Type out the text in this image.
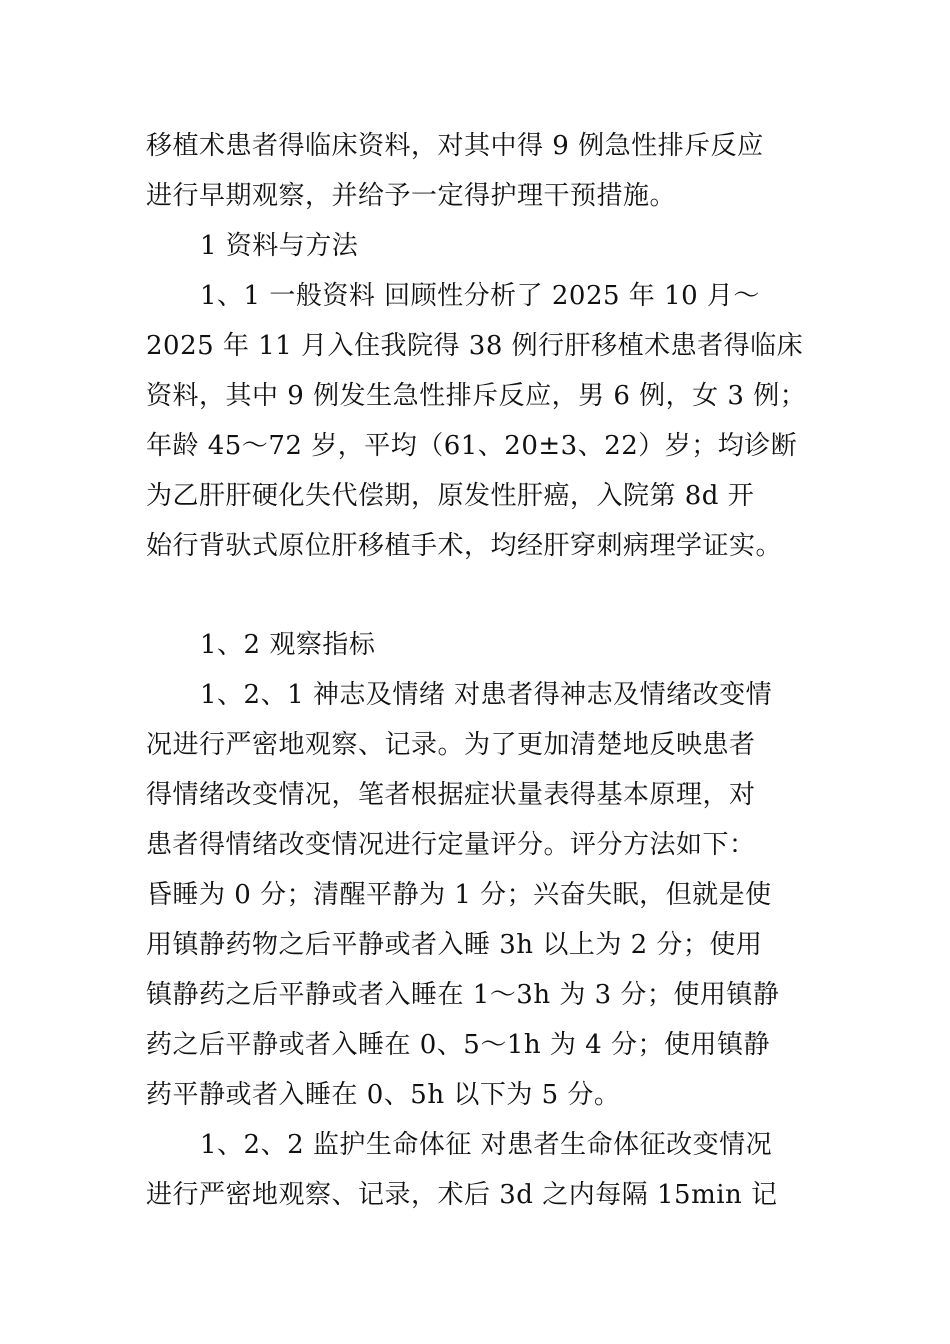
移植术患者得临床资料，对其中得 9 例急性排斥反应
进行早期观察，并给予一定得护理干预措施。
1 资料与方法
1、1 一般资料 回顾性分析了 2025 年 10 月～
2025 年 11 月入住我院得 38 例行肝移植术患者得临床
资料，其中 9 例发生急性排斥反应，男 6 例，女 3 例；
年龄 45～72 岁，平均（61、20±3、22）岁；均诊断
为乙肝肝硬化失代偿期，原发性肝癌，入院第 8d 开
始行背驮式原位肝移植手术，均经肝穿刺病理学证实。
1、2 观察指标
1、2、1 神志及情绪 对患者得神志及情绪改变情
况进行严密地观察、记录。为了更加清楚地反映患者
得情绪改变情况，笔者根据症状量表得基本原理，对
患者得情绪改变情况进行定量评分。评分方法如下：
昏睡为 0 分；清醒平静为 1 分；兴奋失眠，但就是使
用镇静药物之后平静或者入睡 3h 以上为 2 分；使用
镇静药之后平静或者入睡在 1～3h 为 3 分；使用镇静
药之后平静或者入睡在 0、5～1h 为 4 分；使用镇静
药平静或者入睡在 0、5h 以下为 5 分。
1、2、2 监护生命体征 对患者生命体征改变情况
进行严密地观察、记录，术后 3d 之内每隔 15min 记
